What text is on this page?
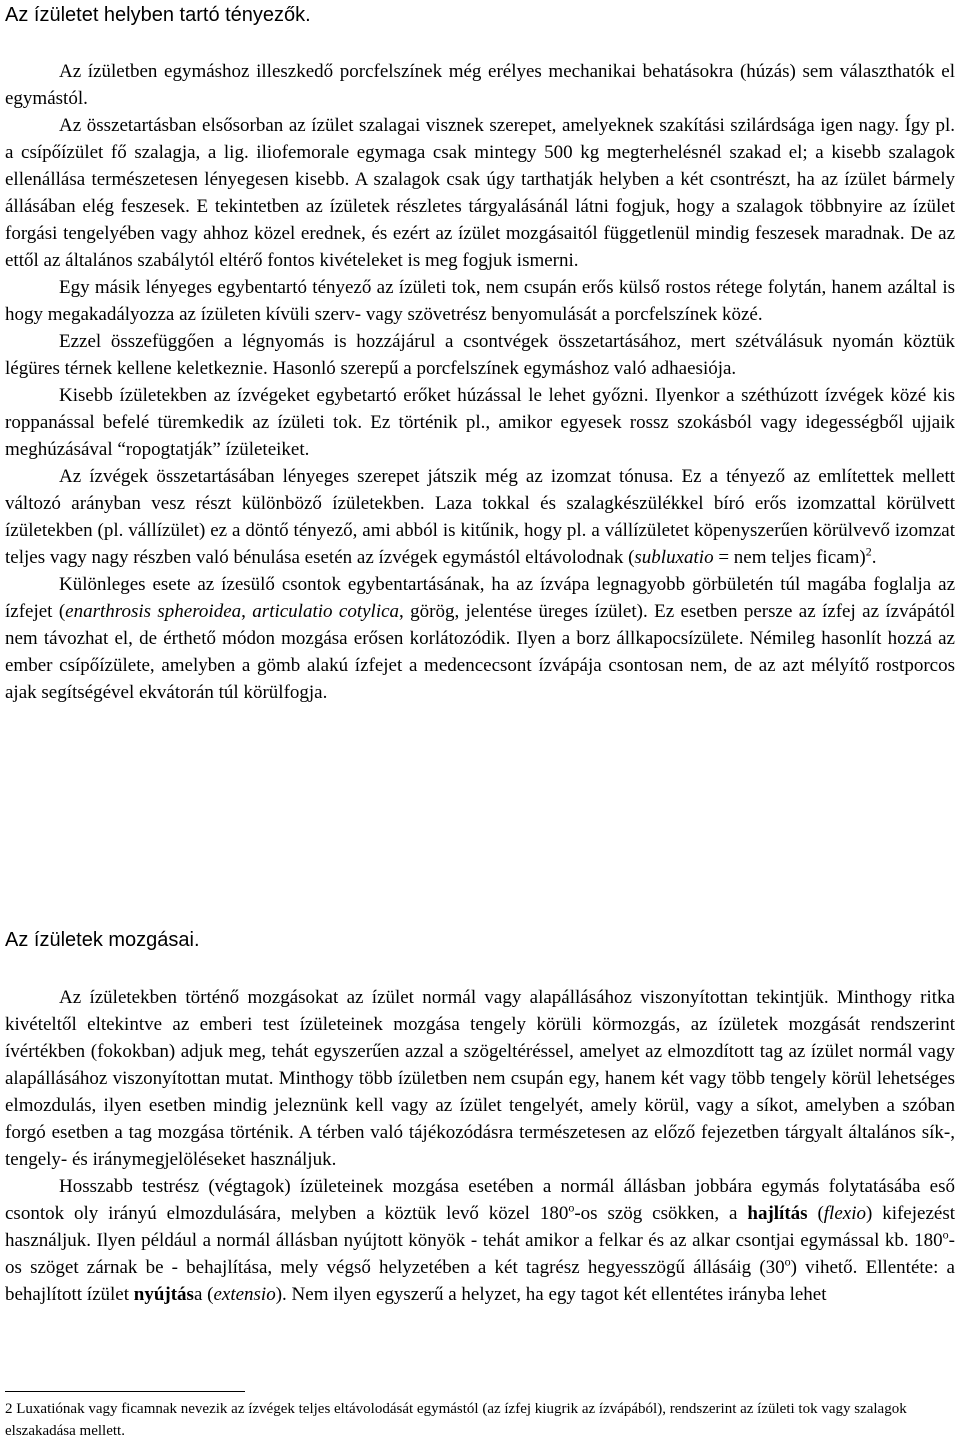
Az ízületet helyben tartó tényezők.

Az ízületben egymáshoz illeszkedő porcfelszínek még erélyes mechanikai behatásokra (húzás) sem választhatók el egymástól.

Az összetartásban elsősorban az ízület szalagai visznek szerepet, amelyeknek szakítási szilárdsága igen nagy. Így pl. a csípőízület fő szalagja, a lig. iliofemorale egymaga csak mintegy 500 kg megterhelésnél szakad el; a kisebb szalagok ellenállása természetesen lényegesen kisebb. A szalagok csak úgy tarthatják helyben a két csontrészt, ha az ízület bármely állásában elég feszesek. E tekintetben az ízületek részletes tárgyalásánál látni fogjuk, hogy a szalagok többnyire az ízület forgási tengelyében vagy ahhoz közel erednek, és ezért az ízület mozgásaitól függetlenül mindig feszesek maradnak. De az ettől az általános szabálytól eltérő fontos kivételeket is meg fogjuk ismerni.

Egy másik lényeges egybentartó tényező az ízületi tok, nem csupán erős külső rostos rétege folytán, hanem azáltal is hogy megakadályozza az ízületen kívüli szerv- vagy szövetrész benyomulását a porcfelszínek közé.

Ezzel összefüggően a légnyomás is hozzájárul a csontvégek összetartásához, mert szétválásuk nyomán köztük légüres térnek kellene keletkeznie. Hasonló szerepű a porcfelszínek egymáshoz való adhaesiója.

Kisebb ízületekben az ízvégeket egybetartó erőket húzással le lehet győzni. Ilyenkor a széthúzott ízvégek közé kis roppanással befelé türemkedik az ízületi tok. Ez történik pl., amikor egyesek rossz szokásból vagy idegességből ujjaik meghúzásával “ropogtatják” ízületeiket.

Az ízvégek összetartásában lényeges szerepet játszik még az izomzat tónusa. Ez a tényező az említettek mellett változó arányban vesz részt különböző ízületekben. Laza tokkal és szalagkészülékkel bíró erős izomzattal körülvett ízületekben (pl. vállízület) ez a döntő tényező, ami abból is kitűnik, hogy pl. a vállízületet köpenyszerűen körülvevő izomzat teljes vagy nagy részben való bénulása esetén az ízvégek egymástól eltávolodnak (subluxatio = nem teljes ficam)$^2$.

Különleges esete az ízesülő csontok egybentartásának, ha az ízvápa legnagyobb görbületén túl magába foglalja az ízfejet (enarthrosis spheroidea, articulatio cotylica, görög, jelentése üreges ízület). Ez esetben persze az ízfej az ízvápától nem távozhat el, de érthető módon mozgása erősen korlátozódik. Ilyen a borz állkapocsízülete. Némileg hasonlít hozzá az ember csípőízülete, amelyben a gömb alakú ízfejet a medencecsont ízvápája csontosan nem, de az azt mélyítő rostporcos ajak segítségével ekvátorán túl körülfogja.

Az ízületek mozgásai.

Az ízületekben történő mozgásokat az ízület normál vagy alapállásához viszonyítottan tekintjük. Minthogy ritka kivételtől eltekintve az emberi test ízületeinek mozgása tengely körüli körmozgás, az ízületek mozgását rendszerint ívértékben (fokokban) adjuk meg, tehát egyszerűen azzal a szögeltéréssel, amelyet az elmozdított tag az ízület normál vagy alapállásához viszonyítottan mutat. Minthogy több ízületben nem csupán egy, hanem két vagy több tengely körül lehetséges elmozdulás, ilyen esetben mindig jeleznünk kell vagy az ízület tengelyét, amely körül, vagy a síkot, amelyben a szóban forgó esetben a tag mozgása történik. A térben való tájékozódásra természetesen az előző fejezetben tárgyalt általános sík-, tengely- és iránymegjelöléseket használjuk.

Hosszabb testrész (végtagok) ízületeinek mozgása esetében a normál állásban jobbára egymás folytatásába eső csontok oly irányú elmozdulására, melyben a köztük levő közel 180$^o$-os szög csökken, a hajlítás (flexio) kifejezést használjuk. Ilyen például a normál állásban nyújtott könyök - tehát amikor a felkar és az alkar csontjai egymással kb. 180$^o$-os szöget zárnak be - behajlítása, mely végső helyzetében a két tagrész hegyesszögű állásáig (30$^o$) vihető. Ellentéte: a behajlított ízület nyújtása (extensio). Nem ilyen egyszerű a helyzet, ha egy tagot két ellentétes irányba lehet

2 Luxatiónak vagy ficamnak nevezik az ízvégek teljes eltávolodását egymástól (az ízfej kiugrik az ízvápából), rendszerint az ízületi tok vagy szalagok elszakadása mellett.
